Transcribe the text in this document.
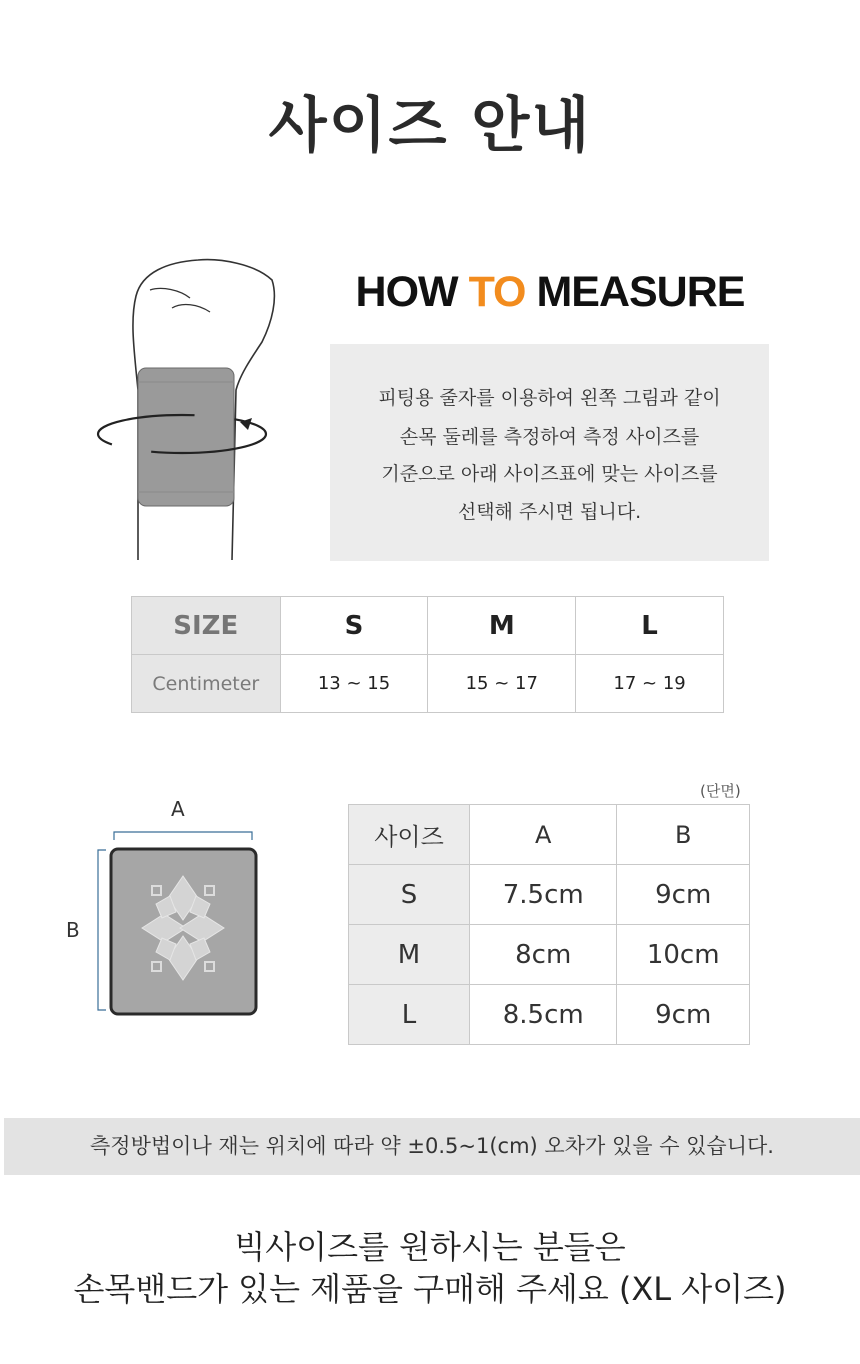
사이즈 안내
HOW TO MEASURE

피팅용 줄자를 이용하여 왼쪽 그림과 같이

손목 둘레를 측정하여 측정 사이즈를

기준으로 아래 사이즈표에 맞는 사이즈를

선택해 주시면 됩니다.

SIZE	S	M	L
Centimeter	13 ~ 15	15 ~ 17	17 ~ 19
A
B
(단면)
사이즈	A	B
S	7.5cm	9cm
M	8cm	10cm
L	8.5cm	9cm
측정방법이나 재는 위치에 따라 약 ±0.5~1(cm) 오차가 있을 수 있습니다.
빅사이즈를 원하시는 분들은
손목밴드가 있는 제품을 구매해 주세요 (XL 사이즈)
